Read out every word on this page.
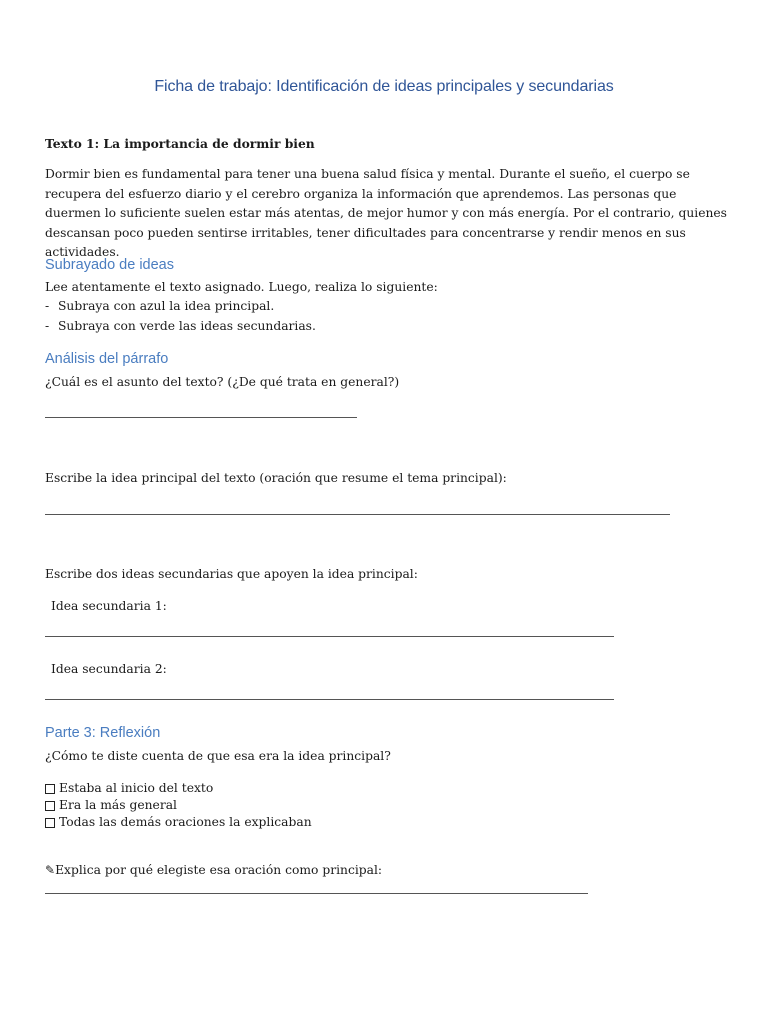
Ficha de trabajo: Identificación de ideas principales y secundarias
Texto 1: La importancia de dormir bien
Dormir bien es fundamental para tener una buena salud física y mental. Durante el sueño, el cuerpo se recupera del esfuerzo diario y el cerebro organiza la información que aprendemos. Las personas que duermen lo suficiente suelen estar más atentas, de mejor humor y con más energía. Por el contrario, quienes descansan poco pueden sentirse irritables, tener dificultades para concentrarse y rendir menos en sus actividades.
Subrayado de ideas
Lee atentamente el texto asignado. Luego, realiza lo siguiente:
- Subraya con azul la idea principal.
- Subraya con verde las ideas secundarias.
Análisis del párrafo
¿Cuál es el asunto del texto? (¿De qué trata en general?)
Escribe la idea principal del texto (oración que resume el tema principal):
Escribe dos ideas secundarias que apoyen la idea principal:
Idea secundaria 1:
Idea secundaria 2:
Parte 3: Reflexión
¿Cómo te diste cuenta de que esa era la idea principal?
Estaba al inicio del texto
Era la más general
Todas las demás oraciones la explicaban
✎Explica por qué elegiste esa oración como principal:
